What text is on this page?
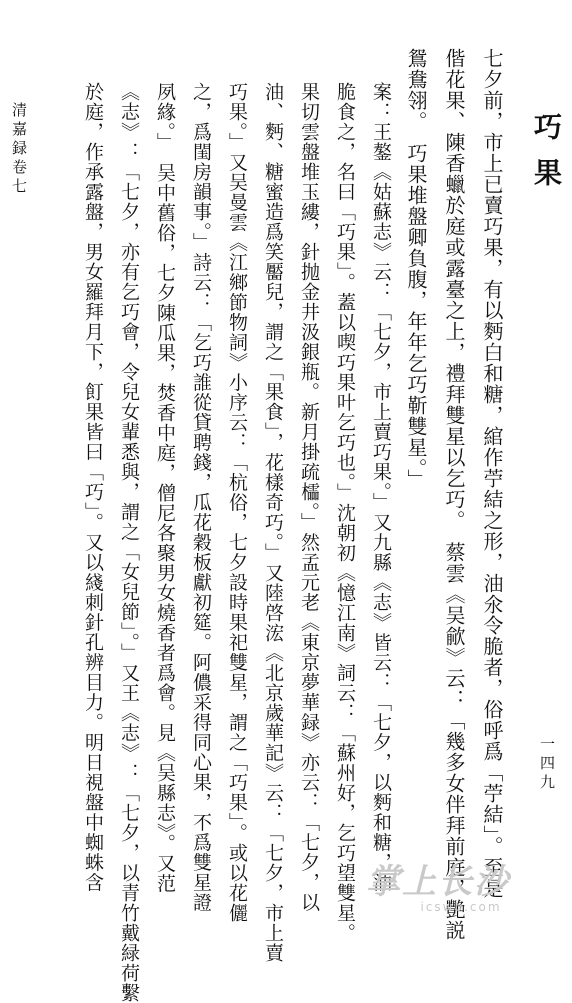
巧果
七夕前，市上已賣巧果，有以麪白和糖，綰作苧結之形，油氽令脆者，俗呼爲「苧結」。至是
偕花果、陳香蠟於庭或露臺之上，禮拜雙星以乞巧。　蔡雲《吴歈》云：「幾多女伴拜前庭，艷説
鴛鴦翎。　巧果堆盤卿負腹，年年乞巧靳雙星。」
案：王鏊《姑蘇志》云：「七夕，市上賣巧果。」又九縣《志》皆云：「七夕，以麪和糖，油
脆食之，名曰「巧果」。蓋以喫巧果叶乞巧也。」沈朝初《憶江南》詞云：「蘇州好，乞巧望雙星。
果切雲盤堆玉縷，針抛金井汲銀瓶。新月掛疏櫺。」然孟元老《東京夢華録》亦云：「七夕，以
油、麪、糖蜜造爲笑靨兒，謂之「果食」，花樣奇巧。」又陸啓浤《北京歲華記》云：「七夕，市上賣
巧果。」又吴曼雲《江鄉節物詞》小序云：「杭俗，七夕設時果祀雙星，謂之「巧果」。或以花儷
之，爲閨房韻事。」詩云：「乞巧誰從貸聘錢，瓜花穀板獻初筵。阿儂采得同心果，不爲雙星證
夙緣。」　吴中舊俗，七夕陳瓜果，焚香中庭，僧尼各聚男女燒香者爲會。見《吴縣志》。又范
《志》：「七夕，亦有乞巧會，令兒女輩悉與，謂之「女兒節」。」又王《志》：「七夕，以青竹戴緑荷繫
於庭，作承露盤，男女羅拜月下，飣果皆曰「巧」。又以綫刺針孔辨目力。明日視盤中蜘蛛含
清嘉録卷七
一四九
掌上长沙
icswb.com
